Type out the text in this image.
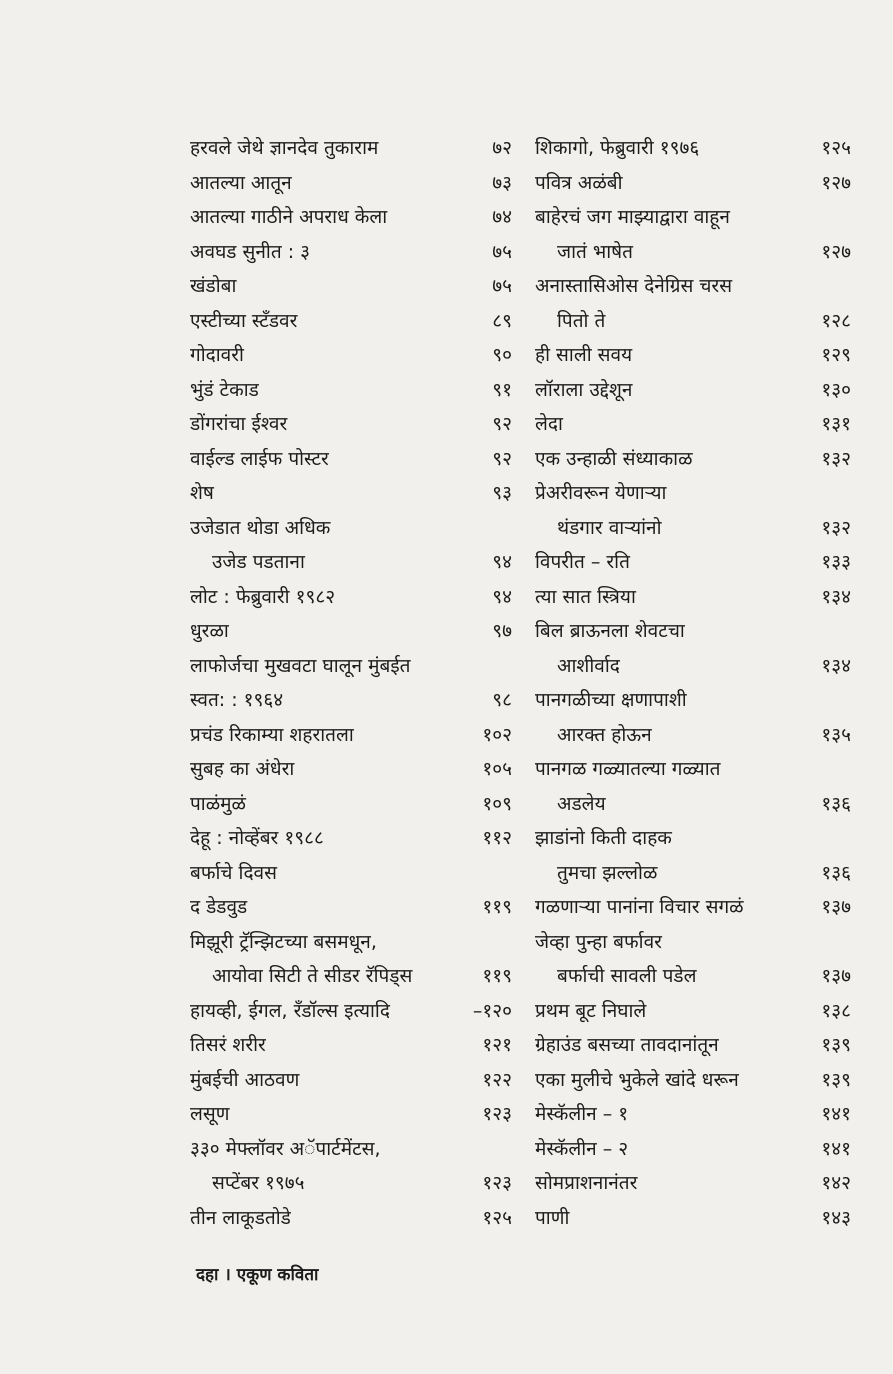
हरवले जेथे ज्ञानदेव तुकाराम	७२
आतल्या आतून	७३
आतल्या गाठीने अपराध केला	७४
अवघड सुनीत : ३	७५
खंडोबा	७५
एस्टीच्या स्टँडवर	८९
गोदावरी	९०
भुंडं टेकाड	९१
डोंगरांचा ईश्वर	९२
वाईल्ड लाईफ पोस्टर	९२
शेष	९३
उजेडात थोडा अधिक
उजेड पडताना	९४
लोट : फेब्रुवारी १९८२	९४
धुरळा	९७
लाफोर्जचा मुखवटा घालून मुंबईत
स्वत: : १९६४	९८
प्रचंड रिकाम्या शहरातला	१०२
सुबह का अंधेरा	१०५
पाळंमुळं	१०९
देहू : नोव्हेंबर १९८८	११२
बर्फाचे दिवस
द डेडवुड	११९
मिझूरी ट्रॅन्झिटच्या बसमधून,
आयोवा सिटी ते सीडर रॅपिड्स	११९
हायव्ही, ईगल, रँडॉल्स इत्यादि	–१२०
तिसरं शरीर	१२१
मुंबईची आठवण	१२२
लसूण	१२३
३३० मेफ्लॉवर अॅपार्टमेंटस,
सप्टेंबर १९७५	१२३
तीन लाकूडतोडे	१२५
शिकागो, फेब्रुवारी १९७६	१२५
पवित्र अळंबी	१२७
बाहेरचं जग माझ्याद्वारा वाहून
जातं भाषेत	१२७
अनास्तासिओस देनेग्रिस चरस
पितो ते	१२८
ही साली सवय	१२९
लॉराला उद्देशून	१३०
लेदा	१३१
एक उन्हाळी संध्याकाळ	१३२
प्रेअरीवरून येणाऱ्या
थंडगार वाऱ्यांनो	१३२
विपरीत – रति	१३३
त्या सात स्त्रिया	१३४
बिल ब्राऊनला शेवटचा
आशीर्वाद	१३४
पानगळीच्या क्षणापाशी
आरक्त होऊन	१३५
पानगळ गळ्यातल्या गळ्यात
अडलेय	१३६
झाडांनो किती दाहक
तुमचा झल्लोळ	१३६
गळणाऱ्या पानांना विचार सगळं	१३७
जेव्हा पुन्हा बर्फावर
बर्फाची सावली पडेल	१३७
प्रथम बूट निघाले	१३८
ग्रेहाउंड बसच्या तावदानांतून	१३९
एका मुलीचे भुकेले खांदे धरून	१३९
मेस्कॅलीन – १	१४१
मेस्कॅलीन – २	१४१
सोमप्राशनानंतर	१४२
पाणी	१४३
दहा । एकूण कविता
